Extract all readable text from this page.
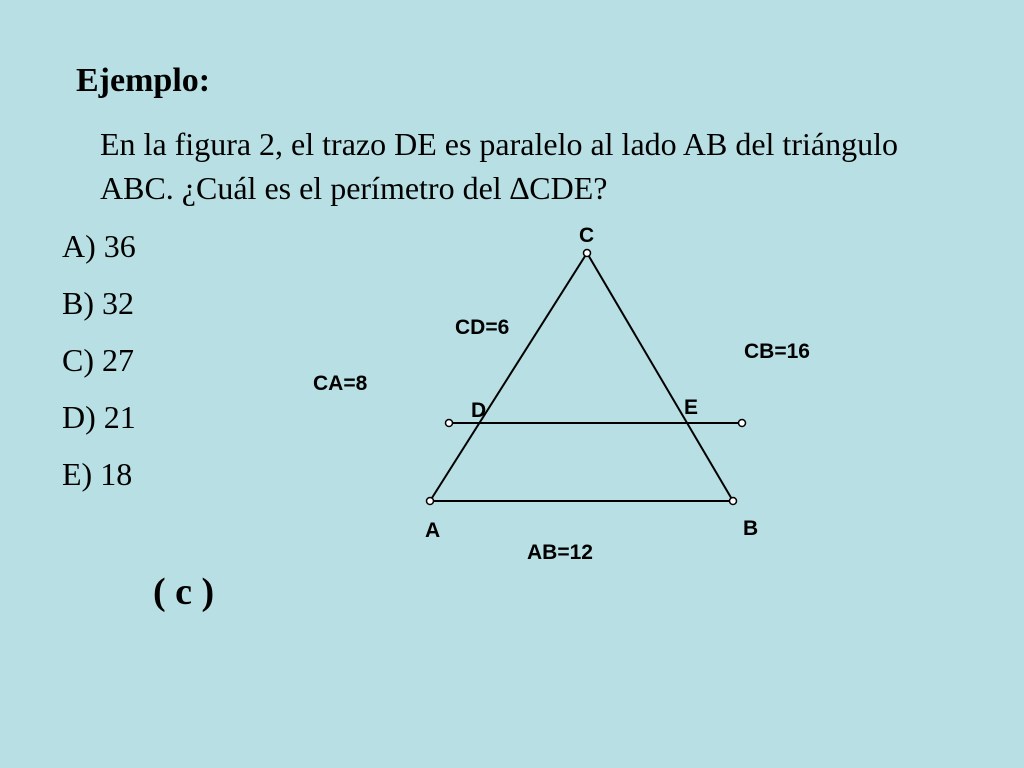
Ejemplo:
En la figura 2, el trazo DE es paralelo al lado AB del triángulo ABC. ¿Cuál es el perímetro del ∆CDE?
A) 36
B) 32
C) 27
D) 21
E) 18
( c )
C
D	E
A	B
CD=6
CB=16
CA=8
AB=12
